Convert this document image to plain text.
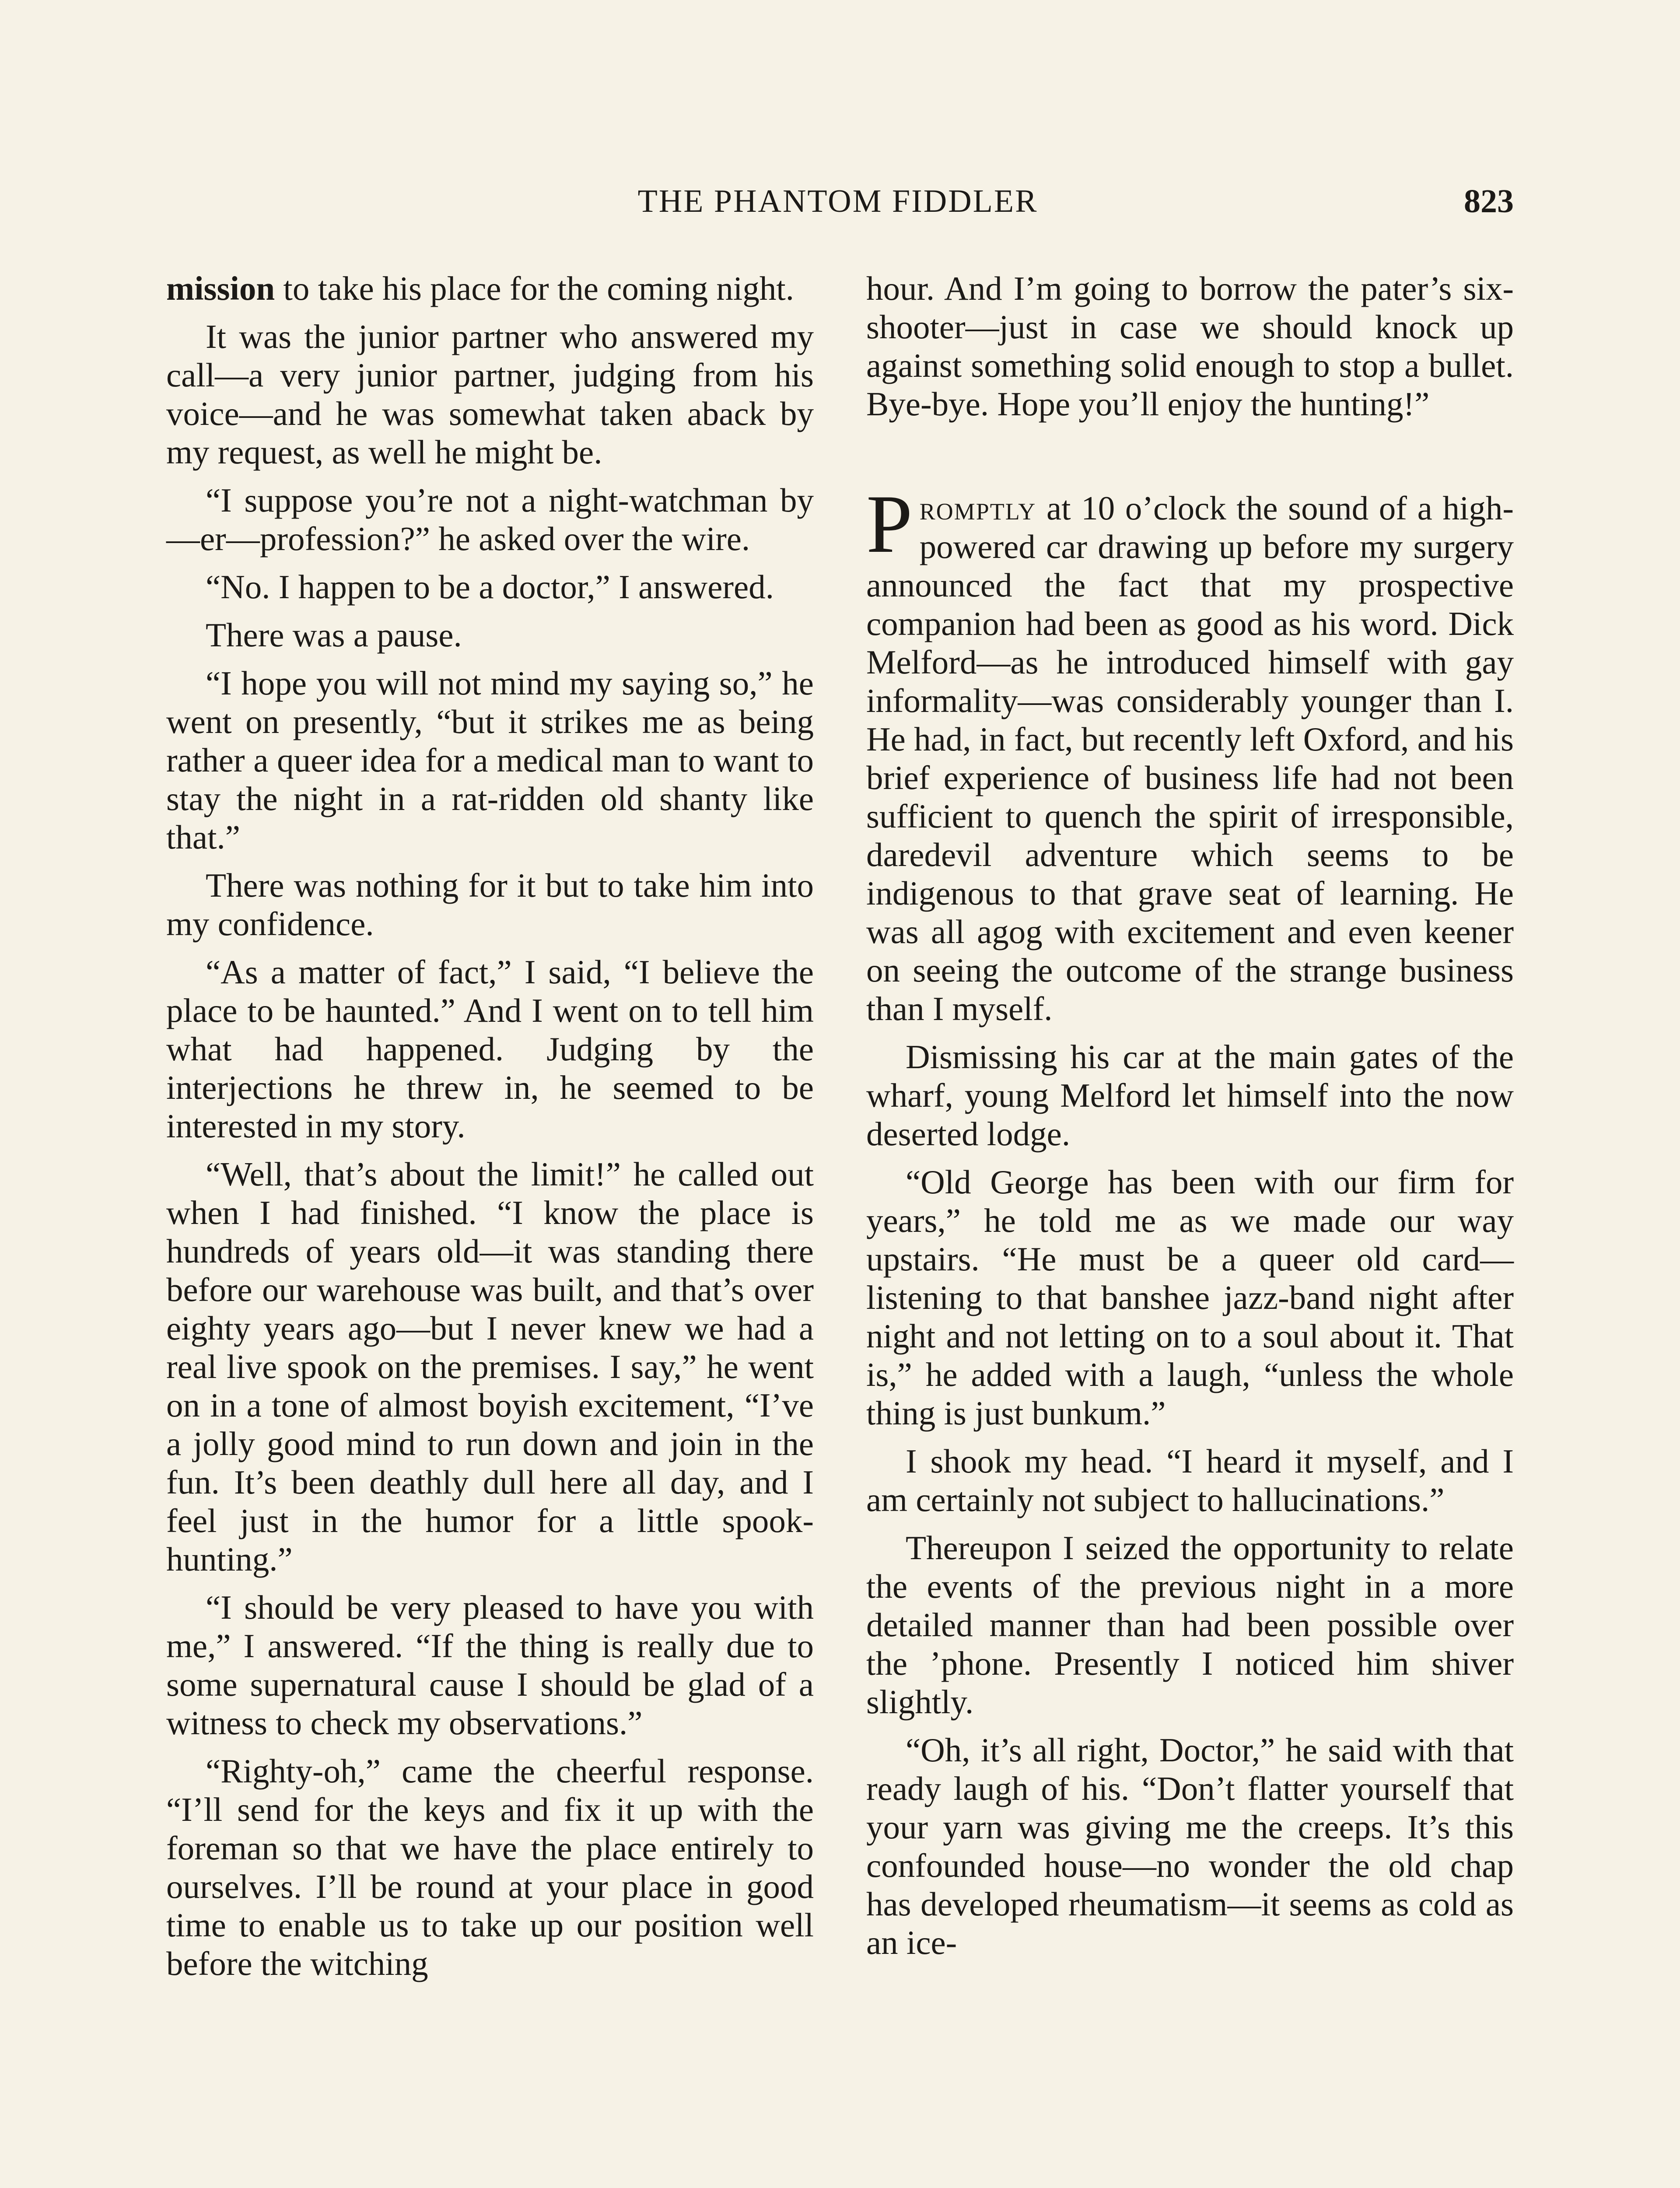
THE PHANTOM FIDDLER	823

mission to take his place for the coming night.

It was the junior partner who answered my call—a very junior partner, judging from his voice—and he was somewhat taken aback by my request, as well he might be.

“I suppose you’re not a night-watchman by—er—profession?” he asked over the wire.

“No. I happen to be a doctor,” I answered.

There was a pause.

“I hope you will not mind my saying so,” he went on presently, “but it strikes me as being rather a queer idea for a medical man to want to stay the night in a rat-ridden old shanty like that.”

There was nothing for it but to take him into my confidence.

“As a matter of fact,” I said, “I believe the place to be haunted.” And I went on to tell him what had happened. Judging by the interjections he threw in, he seemed to be interested in my story.

“Well, that’s about the limit!” he called out when I had finished. “I know the place is hundreds of years old—it was standing there before our warehouse was built, and that’s over eighty years ago—but I never knew we had a real live spook on the premises. I say,” he went on in a tone of almost boyish excitement, “I’ve a jolly good mind to run down and join in the fun. It’s been deathly dull here all day, and I feel just in the humor for a little spook-hunting.”

“I should be very pleased to have you with me,” I answered. “If the thing is really due to some supernatural cause I should be glad of a witness to check my observations.”

“Righty-oh,” came the cheerful response. “I’ll send for the keys and fix it up with the foreman so that we have the place entirely to ourselves. I’ll be round at your place in good time to enable us to take up our position well before the witching

hour. And I’m going to borrow the pater’s six-shooter—just in case we should knock up against something solid enough to stop a bullet. Bye-bye. Hope you’ll enjoy the hunting!”

Promptly at 10 o’clock the sound of a high-powered car drawing up before my surgery announced the fact that my prospective companion had been as good as his word. Dick Melford—as he introduced himself with gay informality—was considerably younger than I. He had, in fact, but recently left Oxford, and his brief experience of business life had not been sufficient to quench the spirit of irresponsible, daredevil adventure which seems to be indigenous to that grave seat of learning. He was all agog with excitement and even keener on seeing the outcome of the strange business than I myself.

Dismissing his car at the main gates of the wharf, young Melford let himself into the now deserted lodge.

“Old George has been with our firm for years,” he told me as we made our way upstairs. “He must be a queer old card—listening to that banshee jazz-band night after night and not letting on to a soul about it. That is,” he added with a laugh, “unless the whole thing is just bunkum.”

I shook my head. “I heard it myself, and I am certainly not subject to hallucinations.”

Thereupon I seized the opportunity to relate the events of the previous night in a more detailed manner than had been possible over the ’phone. Presently I noticed him shiver slightly.

“Oh, it’s all right, Doctor,” he said with that ready laugh of his. “Don’t flatter yourself that your yarn was giving me the creeps. It’s this confounded house—no wonder the old chap has developed rheumatism—it seems as cold as an ice-
